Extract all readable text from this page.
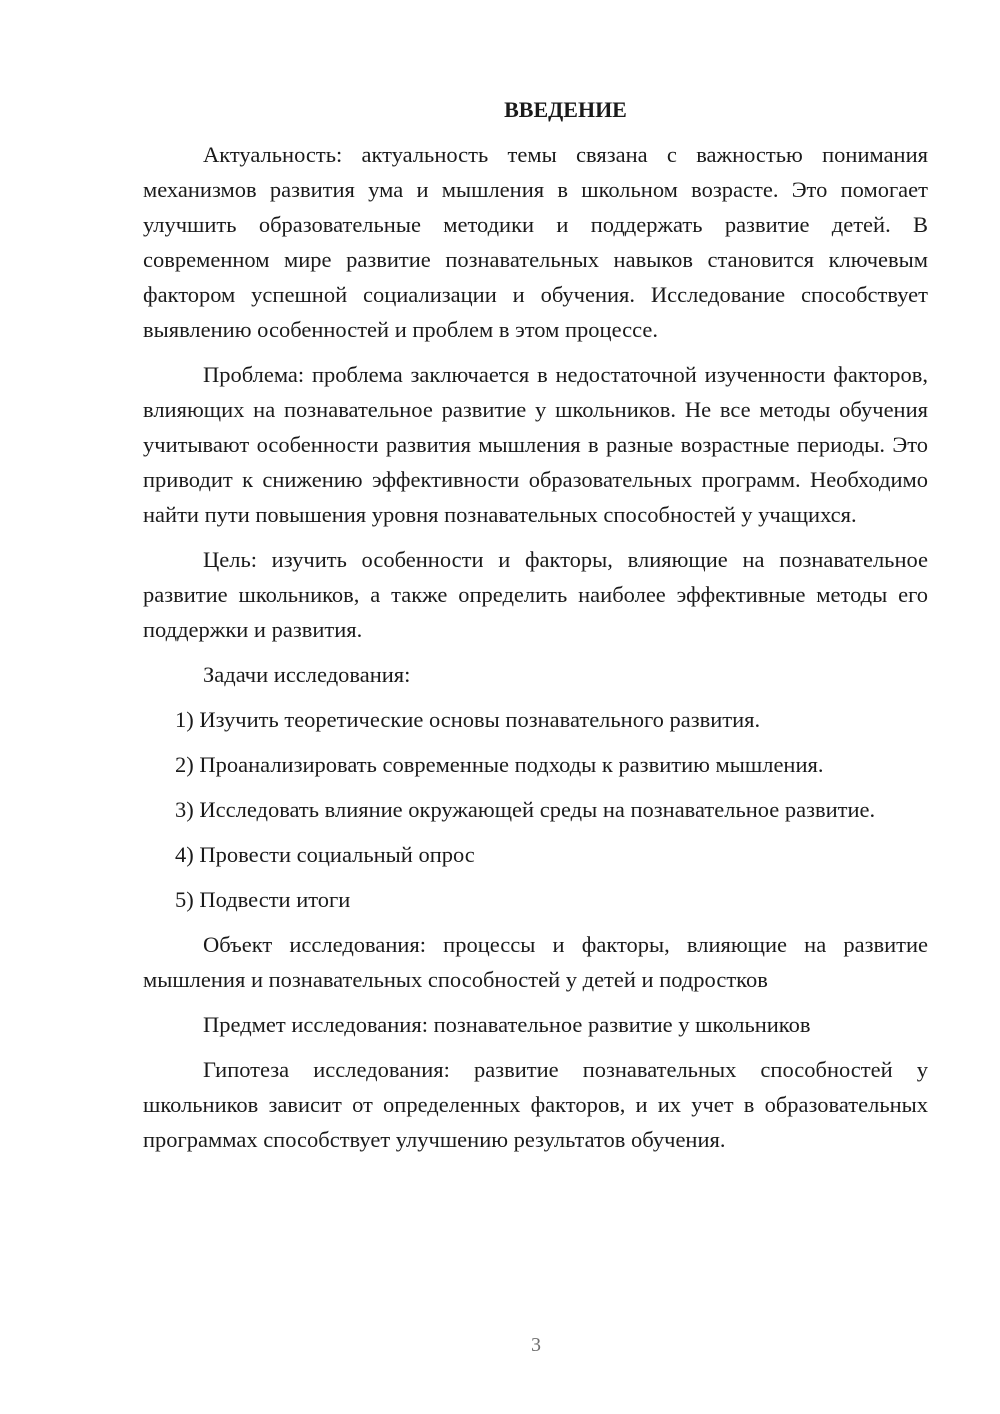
ВВЕДЕНИЕ

Актуальность: актуальность темы связана с важностью понимания механизмов развития ума и мышления в школьном возрасте. Это помогает улучшить образовательные методики и поддержать развитие детей. В современном мире развитие познавательных навыков становится ключевым фактором успешной социализации и обучения. Исследование способствует выявлению особенностей и проблем в этом процессе.

Проблема: проблема заключается в недостаточной изученности факторов, влияющих на познавательное развитие у школьников. Не все методы обучения учитывают особенности развития мышления в разные возрастные периоды. Это приводит к снижению эффективности образовательных программ. Необходимо найти пути повышения уровня познавательных способностей у учащихся.

Цель: изучить особенности и факторы, влияющие на познавательное развитие школьников, а также определить наиболее эффективные методы его поддержки и развития.

Задачи исследования:

1) Изучить теоретические основы познавательного развития.

2) Проанализировать современные подходы к развитию мышления.

3) Исследовать влияние окружающей среды на познавательное развитие.

4) Провести социальный опрос

5) Подвести итоги

Объект исследования: процессы и факторы, влияющие на развитие мышления и познавательных способностей у детей и подростков

Предмет исследования: познавательное развитие у школьников

Гипотеза исследования: развитие познавательных способностей у школьников зависит от определенных факторов, и их учет в образовательных программах способствует улучшению результатов обучения.

3
